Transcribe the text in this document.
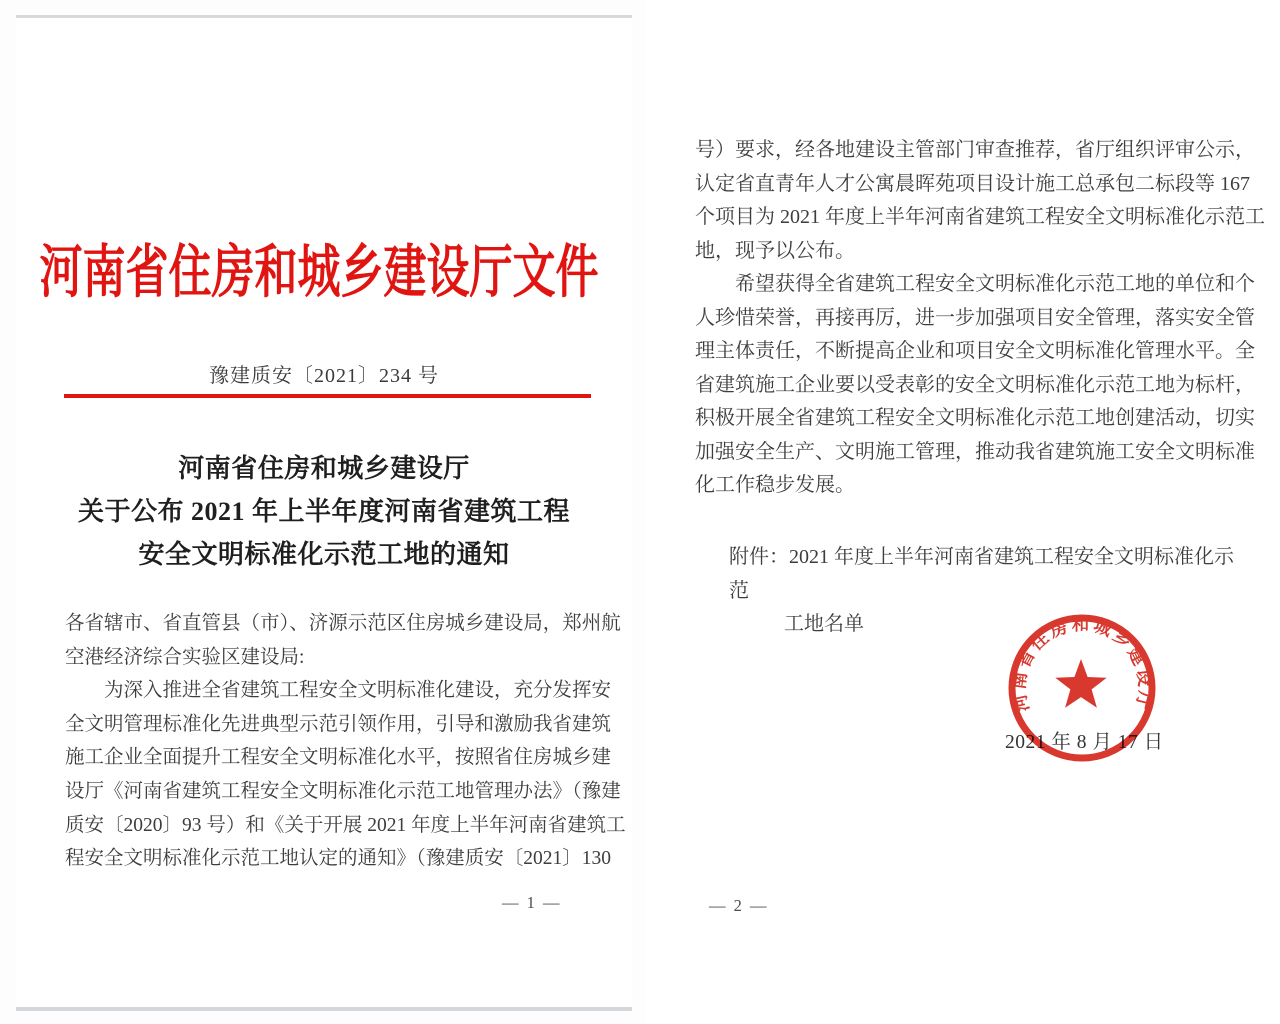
河南省住房和城乡建设厅文件
豫建质安〔2021〕234 号
河南省住房和城乡建设厅
关于公布 2021 年上半年度河南省建筑工程
安全文明标准化示范工地的通知
各省辖市、省直管县（市）、济源示范区住房城乡建设局，郑州航
空港经济综合实验区建设局:
为深入推进全省建筑工程安全文明标准化建设，充分发挥安
全文明管理标准化先进典型示范引领作用，引导和激励我省建筑
施工企业全面提升工程安全文明标准化水平，按照省住房城乡建
设厅《河南省建筑工程安全文明标准化示范工地管理办法》（豫建
质安〔2020〕93 号）和《关于开展 2021 年度上半年河南省建筑工
程安全文明标准化示范工地认定的通知》（豫建质安〔2021〕130
— 1 —
号）要求，经各地建设主管部门审查推荐，省厅组织评审公示，
认定省直青年人才公寓晨晖苑项目设计施工总承包二标段等 167
个项目为 2021 年度上半年河南省建筑工程安全文明标准化示范工
地，现予以公布。
希望获得全省建筑工程安全文明标准化示范工地的单位和个
人珍惜荣誉，再接再厉，进一步加强项目安全管理，落实安全管
理主体责任，不断提高企业和项目安全文明标准化管理水平。全
省建筑施工企业要以受表彰的安全文明标准化示范工地为标杆，
积极开展全省建筑工程安全文明标准化示范工地创建活动，切实
加强安全生产、文明施工管理，推动我省建筑施工安全文明标准
化工作稳步发展。
附件：2021 年度上半年河南省建筑工程安全文明标准化示范
工地名单
2021 年 8 月 17 日
河南省住房和城乡建设厅
— 2 —
